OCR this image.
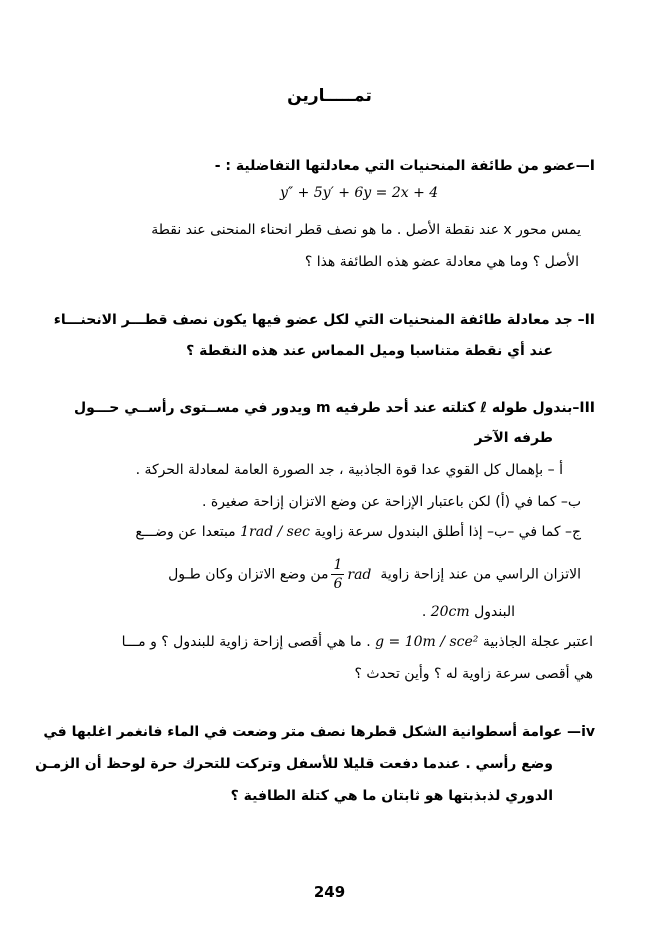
تمـــــارين
I—عضو من طائفة المنحنيات التي معادلتها التفاضلية : -
y″ + 5y′ + 6y = 2x + 4
يمس محور x عند نقطة الأصل . ما هو نصف قطر انحناء المنحنى عند نقطة
الأصل ؟ وما هي معادلة عضو هذه الطائفة هذا ؟
II– جد معادلة طائفة المنحنيات التي لكل عضو فيها يكون نصف قطـــر الانحنـــاء
عند أي نقطة متناسبا وميل المماس عند هذه النقطة ؟
III–بندول طوله ℓ كتلته عند أحد طرفيه m ويدور في مســتوى رأســي حـــول
طرفه الآخر
أ – بإهمال كل القوي عدا قوة الجاذبية ، جد الصورة العامة لمعادلة الحركة .
ب– كما في (أ) لكن باعتبار الإزاحة عن وضع الاتزان إزاحة صغيرة .
ج– كما في –ب– إذا أطلق البندول سرعة زاوية 1rad / sec مبتعدا عن وضـــع
الاتزان الراسي من عند إزاحة زاوية
$\frac{1}{6}$ rad من وضع الاتزان وكان طـول
البندول 20cm .
اعتبر عجلة الجاذبية g = 10m / sce² . ما هي أقصى إزاحة زاوية للبندول ؟ و مـــا
هي أقصى سرعة زاوية له ؟ وأين تحدث ؟
iv— عوامة أسطوانية الشكل قطرها نصف متر وضعت في الماء فانغمر اغلبها في
وضع رأسي . عندما دفعت قليلا للأسفل وتركت للتحرك حرة لوحظ أن الزمـن
الدوري لذبذبتها هو ثابتان ما هي كتلة الطافية ؟
249
